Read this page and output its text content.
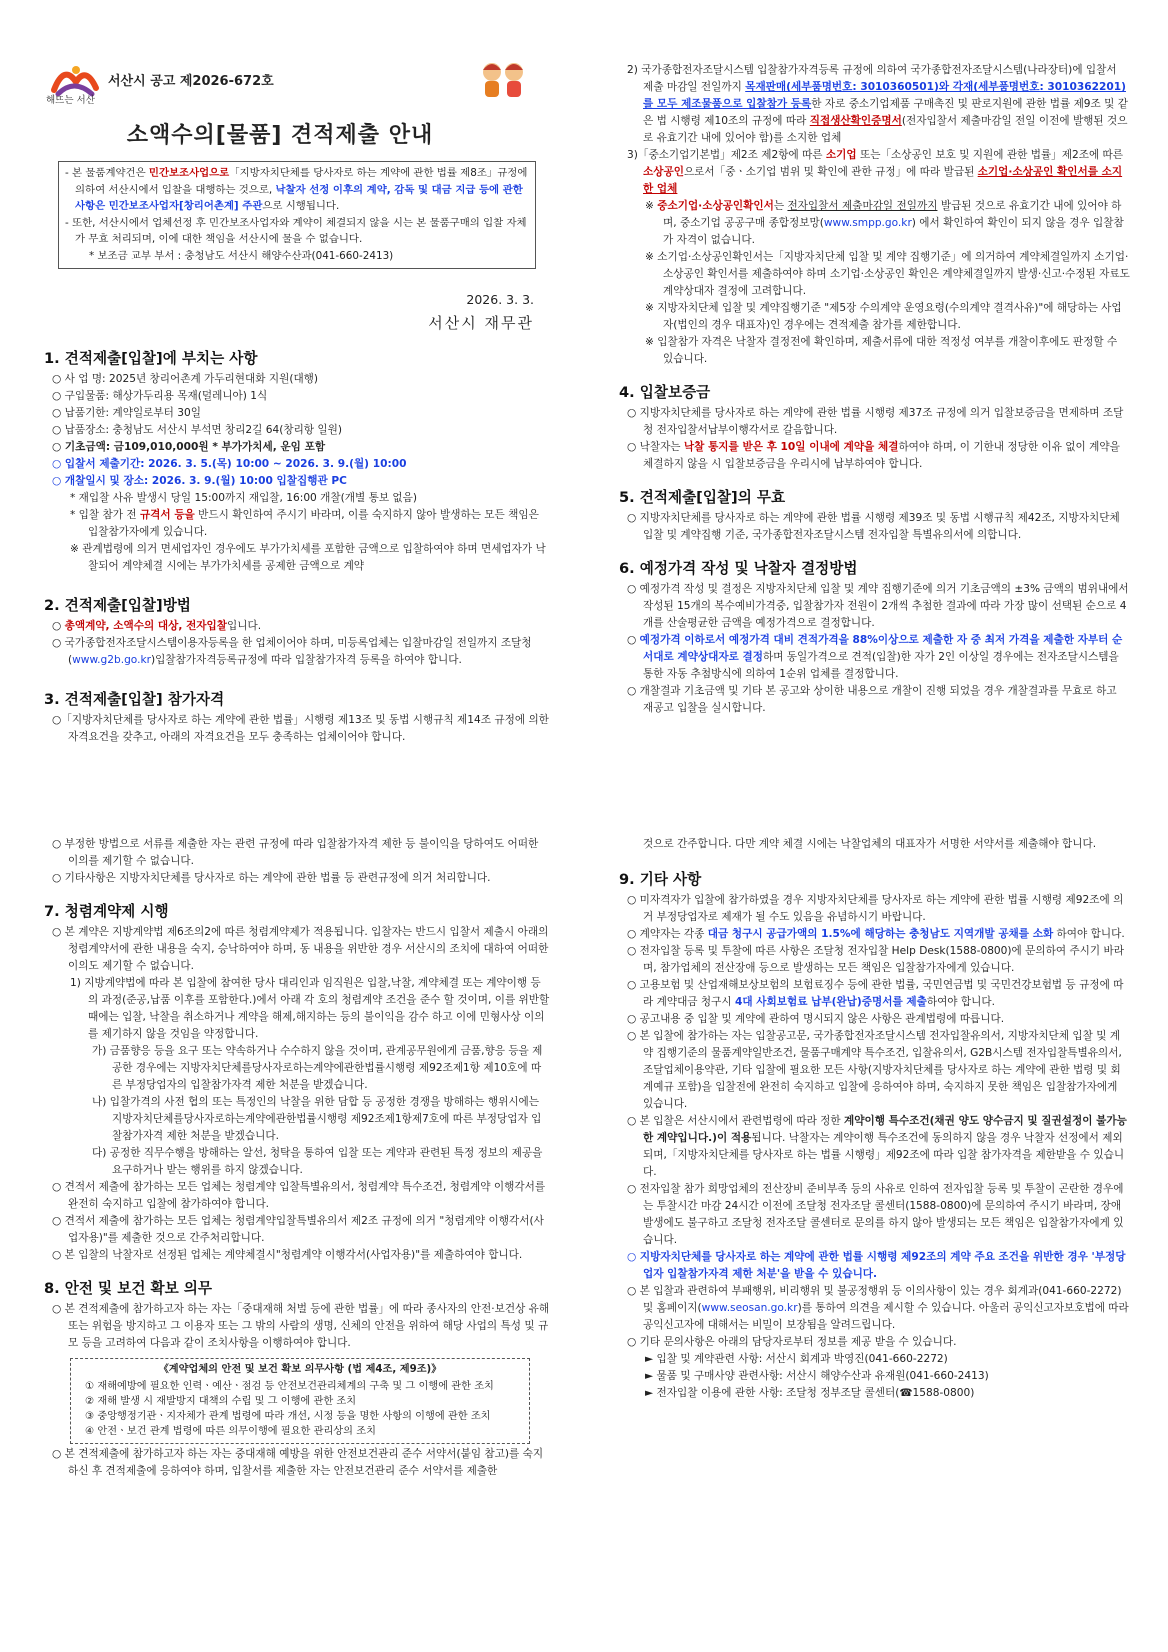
해뜨는 서산
서산시 공고 제2026-672호
소액수의[물품] 견적제출 안내
- 본 물품계약건은 민간보조사업으로「지방자치단체를 당사자로 하는 계약에 관한 법률 제8조」규정에 의하여 서산시에서 입찰을 대행하는 것으로, 낙찰자 선정 이후의 계약, 감독 및 대금 지급 등에 관한 사항은 민간보조사업자[창리어촌계] 주관으로 시행됩니다.
- 또한, 서산시에서 업체선정 후 민간보조사업자와 계약이 체결되지 않을 시는 본 물품구매의 입찰 자체가 무효 처리되며, 이에 대한 책임을 서산시에 물을 수 없습니다.
* 보조금 교부 부서 : 충청남도 서산시 해양수산과(041-660-2413)
2026. 3. 3.
서산시 재무관
1. 견적제출[입찰]에 부치는 사항

○ 사 업 명: 2025년 창리어촌계 가두리현대화 지원(대행)

○ 구입물품: 해상가두리용 목재(덜레니아) 1식

○ 납품기한: 계약일로부터 30일

○ 납품장소: 충청남도 서산시 부석면 창리2길 64(창리항 일원)

○ 기초금액: 금109,010,000원 * 부가가치세, 운임 포함

○ 입찰서 제출기간: 2026. 3. 5.(목) 10:00 ~ 2026. 3. 9.(월) 10:00

○ 개찰일시 및 장소: 2026. 3. 9.(월) 10:00 입찰집행관 PC

* 재입찰 사유 발생시 당일 15:00까지 재입찰, 16:00 개찰(개별 통보 없음)

* 입찰 참가 전 규격서 등을 반드시 확인하여 주시기 바라며, 이를 숙지하지 않아 발생하는 모든 책임은 입찰참가자에게 있습니다.

※ 관계법령에 의거 면세업자인 경우에도 부가가치세를 포함한 금액으로 입찰하여야 하며 면세업자가 낙찰되어 계약체결 시에는 부가가치세를 공제한 금액으로 계약

2. 견적제출[입찰]방법

○ 총액계약, 소액수의 대상, 전자입찰입니다.

○ 국가종합전자조달시스템이용자등록을 한 업체이어야 하며, 미등록업체는 입찰마감일 전일까지 조달청(www.g2b.go.kr)입찰참가자격등록규정에 따라 입찰참가자격 등록을 하여야 합니다.

3. 견적제출[입찰] 참가자격

○「지방자치단체를 당사자로 하는 계약에 관한 법률」시행령 제13조 및 동법 시행규칙 제14조 규정에 의한 자격요건을 갖추고, 아래의 자격요건을 모두 충족하는 업체이어야 합니다.

2) 국가종합전자조달시스템 입찰참가자격등록 규정에 의하여 국가종합전자조달시스템(나라장터)에 입찰서 제출 마감일 전일까지 목재판매(세부품명번호: 3010360501)와 각재(세부품명번호: 3010362201)를 모두 제조물품으로 입찰참가 등록한 자로 중소기업제품 구매촉진 및 판로지원에 관한 법률 제9조 및 같은 법 시행령 제10조의 규정에 따라 직접생산확인증명서(전자입찰서 제출마감일 전일 이전에 발행된 것으로 유효기간 내에 있어야 함)를 소지한 업체

3)「중소기업기본법」제2조 제2항에 따른 소기업 또는「소상공인 보호 및 지원에 관한 법률」제2조에 따른 소상공인으로서「중ㆍ소기업 범위 및 확인에 관한 규정」에 따라 발급된 소기업·소상공인 확인서를 소지한 업체

※ 중소기업·소상공인확인서는 전자입찰서 제출마감일 전일까지 발급된 것으로 유효기간 내에 있어야 하며, 중소기업 공공구매 종합정보망(www.smpp.go.kr) 에서 확인하여 확인이 되지 않을 경우 입찰참가 자격이 없습니다.

※ 소기업·소상공인확인서는「지방자치단체 입찰 및 계약 집행기준」에 의거하여 계약체결일까지 소기업·소상공인 확인서를 제출하여야 하며 소기업·소상공인 확인은 계약체결일까지 발생·신고·수정된 자료도 계약상대자 결정에 고려합니다.

※ 지방자치단체 입찰 및 계약집행기준 "제5장 수의계약 운영요령(수의계약 결격사유)"에 해당하는 사업자(법인의 경우 대표자)인 경우에는 견적제출 참가를 제한합니다.

※ 입찰참가 자격은 낙찰자 결정전에 확인하며, 제출서류에 대한 적정성 여부를 개찰이후에도 판정할 수 있습니다.

4. 입찰보증금

○ 지방자치단체를 당사자로 하는 계약에 관한 법률 시행령 제37조 규정에 의거 입찰보증금을 면제하며 조달청 전자입찰서납부이행각서로 갈음합니다.

○ 낙찰자는 낙찰 통지를 받은 후 10일 이내에 계약을 체결하여야 하며, 이 기한내 정당한 이유 없이 계약을 체결하지 않을 시 입찰보증금을 우리시에 납부하여야 합니다.

5. 견적제출[입찰]의 무효

○ 지방자치단체를 당사자로 하는 계약에 관한 법률 시행령 제39조 및 동법 시행규칙 제42조, 지방자치단체 입찰 및 계약집행 기준, 국가종합전자조달시스템 전자입찰 특별유의서에 의합니다.

6. 예정가격 작성 및 낙찰자 결정방법

○ 예정가격 작성 및 결정은 지방자치단체 입찰 및 계약 집행기준에 의거 기초금액의 ±3% 금액의 범위내에서 작성된 15개의 복수예비가격중, 입찰참가자 전원이 2개씩 추첨한 결과에 따라 가장 많이 선택된 순으로 4개를 산술평균한 금액을 예정가격으로 결정합니다.

○ 예정가격 이하로서 예정가격 대비 견적가격을 88%이상으로 제출한 자 중 최저 가격을 제출한 자부터 순서대로 계약상대자로 결정하며 동일가격으로 견적(입찰)한 자가 2인 이상일 경우에는 전자조달시스템을 통한 자동 추첨방식에 의하여 1순위 업체를 결정합니다.

○ 개찰결과 기초금액 및 기타 본 공고와 상이한 내용으로 개찰이 진행 되었을 경우 개찰결과를 무효로 하고 재공고 입찰을 실시합니다.

○ 부정한 방법으로 서류를 제출한 자는 관련 규정에 따라 입찰참가자격 제한 등 불이익을 당하여도 어떠한 이의를 제기할 수 없습니다.

○ 기타사항은 지방자치단체를 당사자로 하는 계약에 관한 법률 등 관련규정에 의거 처리합니다.

7. 청렴계약제 시행

○ 본 계약은 지방계약법 제6조의2에 따른 청렴계약제가 적용됩니다. 입찰자는 반드시 입찰서 제출시 아래의 청렴계약서에 관한 내용을 숙지, 승낙하여야 하며, 동 내용을 위반한 경우 서산시의 조치에 대하여 어떠한 이의도 제기할 수 없습니다.

1) 지방계약법에 따라 본 입찰에 참여한 당사 대리인과 임직원은 입찰,낙찰, 계약체결 또는 계약이행 등의 과정(준공,납품 이후를 포함한다.)에서 아래 각 호의 청렴계약 조건을 준수 할 것이며, 이를 위반할 때에는 입찰, 낙찰을 취소하거나 계약을 해제,해지하는 등의 불이익을 감수 하고 이에 민형사상 이의를 제기하지 않을 것임을 약정합니다.

가) 금품향응 등을 요구 또는 약속하거나 수수하지 않을 것이며, 관계공무원에게 금품,향응 등을 제공한 경우에는 지방자치단체를당사자로하는계약에관한법률시행령 제92조제1항 제10호에 따른 부정당업자의 입찰참가자격 제한 처분을 받겠습니다.

나) 입찰가격의 사전 협의 또는 특정인의 낙찰을 위한 담합 등 공정한 경쟁을 방해하는 행위시에는 지방자치단체를당사자로하는계약에관한법률시행령 제92조제1항제7호에 따른 부정당업자 입찰참가자격 제한 처분을 받겠습니다.

다) 공정한 직무수행을 방해하는 알선, 청탁을 통하여 입찰 또는 계약과 관련된 특정 정보의 제공을 요구하거나 받는 행위를 하지 않겠습니다.

○ 견적서 제출에 참가하는 모든 업체는 청렴계약 입찰특별유의서, 청렴계약 특수조건, 청렴계약 이행각서를 완전히 숙지하고 입찰에 참가하여야 합니다.

○ 견적서 제출에 참가하는 모든 업체는 청렴계약입찰특별유의서 제2조 규정에 의거 "청렴계약 이행각서(사업자용)"를 제출한 것으로 간주처리합니다.

○ 본 입찰의 낙찰자로 선정된 업체는 계약체결시"청렴계약 이행각서(사업자용)"를 제출하여야 합니다.

8. 안전 및 보건 확보 의무

○ 본 견적제출에 참가하고자 하는 자는「중대재해 처벌 등에 관한 법률」에 따라 종사자의 안전·보건상 유해 또는 위험을 방지하고 그 이용자 또는 그 밖의 사람의 생명, 신체의 안전을 위하여 해당 사업의 특성 및 규모 등을 고려하여 다음과 같이 조치사항을 이행하여야 합니다.

《계약업체의 안전 및 보건 확보 의무사항 (법 제4조, 제9조)》
① 재해예방에 필요한 인력ㆍ예산ㆍ점검 등 안전보건관리체계의 구축 및 그 이행에 관한 조치
② 재해 발생 시 재발방지 대책의 수립 및 그 이행에 관한 조치
③ 중앙행정기관ㆍ지자체가 관계 법령에 따라 개선, 시정 등을 명한 사항의 이행에 관한 조치
④ 안전ㆍ보건 관계 법령에 따른 의무이행에 필요한 관리상의 조치

○ 본 견적제출에 참가하고자 하는 자는 중대재해 예방을 위한 안전보건관리 준수 서약서(붙임 참고)를 숙지하신 후 견적제출에 응하여야 하며, 입찰서를 제출한 자는 안전보건관리 준수 서약서를 제출한

것으로 간주합니다. 다만 계약 체결 시에는 낙찰업체의 대표자가 서명한 서약서를 제출해야 합니다.

9. 기타 사항

○ 미자격자가 입찰에 참가하였을 경우 지방자치단체를 당사자로 하는 계약에 관한 법률 시행령 제92조에 의거 부정당업자로 제재가 될 수도 있음을 유념하시기 바랍니다.

○ 계약자는 각종 대금 청구시 공급가액의 1.5%에 해당하는 충청남도 지역개발 공채를 소화 하여야 합니다.

○ 전자입찰 등록 및 투찰에 따른 사항은 조달청 전자입찰 Help Desk(1588-0800)에 문의하여 주시기 바라며, 참가업체의 전산장애 등으로 발생하는 모든 책임은 입찰참가자에게 있습니다.

○ 고용보험 및 산업재해보상보험의 보험료징수 등에 관한 법률, 국민연금법 및 국민건강보험법 등 규정에 따라 계약대금 청구시 4대 사회보험료 납부(완납)증명서를 제출하여야 합니다.

○ 공고내용 중 입찰 및 계약에 관하여 명시되지 않은 사항은 관계법령에 따릅니다.

○ 본 입찰에 참가하는 자는 입찰공고문, 국가종합전자조달시스템 전자입찰유의서, 지방자치단체 입찰 및 계약 집행기준의 물품계약일반조건, 물품구매계약 특수조건, 입찰유의서, G2B시스템 전자입찰특별유의서, 조달업체이용약관, 기타 입찰에 필요한 모든 사항(지방자치단체를 당사자로 하는 계약에 관한 법령 및 회계예규 포함)을 입찰전에 완전히 숙지하고 입찰에 응하여야 하며, 숙지하지 못한 책임은 입찰참가자에게 있습니다.

○ 본 입찰은 서산시에서 관련법령에 따라 정한 계약이행 특수조건(채권 양도 양수금지 및 질권설정이 불가능한 계약입니다.)이 적용됩니다. 낙찰자는 계약이행 특수조건에 동의하지 않을 경우 낙찰자 선정에서 제외되며,「지방자치단체를 당사자로 하는 법률 시행령」제92조에 따라 입찰 참가자격을 제한받을 수 있습니다.

○ 전자입찰 참가 희망업체의 전산장비 준비부족 등의 사유로 인하여 전자입찰 등록 및 투찰이 곤란한 경우에는 투찰시간 마감 24시간 이전에 조달청 전자조달 콜센터(1588-0800)에 문의하여 주시기 바라며, 장애 발생에도 불구하고 조달청 전자조달 콜센터로 문의를 하지 않아 발생되는 모든 책임은 입찰참가자에게 있습니다.

○ 지방자치단체를 당사자로 하는 계약에 관한 법률 시행령 제92조의 계약 주요 조건을 위반한 경우 '부정당업자 입찰참가자격 제한 처분'을 받을 수 있습니다.

○ 본 입찰과 관련하여 부패행위, 비리행위 및 불공정행위 등 이의사항이 있는 경우 회계과(041-660-2272) 및 홈페이지(www.seosan.go.kr)를 통하여 의견을 제시할 수 있습니다. 아울러 공익신고자보호법에 따라 공익신고자에 대해서는 비밀이 보장됨을 알려드립니다.

○ 기타 문의사항은 아래의 담당자로부터 정보를 제공 받을 수 있습니다.

► 입찰 및 계약관련 사항: 서산시 회계과 박영진(041-660-2272)

► 물품 및 구매사양 관련사항: 서산시 해양수산과 유재원(041-660-2413)

► 전자입찰 이용에 관한 사항: 조달청 정부조달 콜센터(☎1588-0800)
